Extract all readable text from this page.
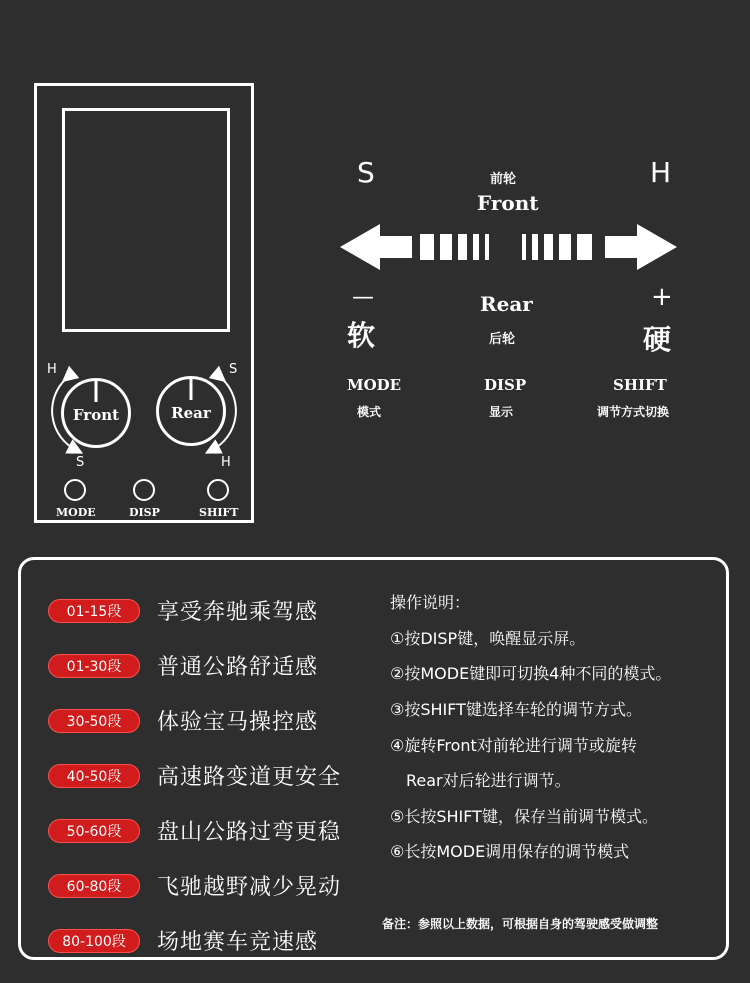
H
S
S
H
Front	Rear
MODE	DISP	SHIFT
S	H
前轮
Front
—	+
Rear
后轮
软	硬
MODE
模式
DISP
显示
SHIFT
调节方式切换
01-15段	享受奔驰乘驾感
01-30段	普通公路舒适感
30-50段	体验宝马操控感
40-50段	高速路变道更安全
50-60段	盘山公路过弯更稳
60-80段	飞驰越野减少晃动
80-100段	场地赛车竞速感
操作说明：
①按DISP键，唤醒显示屏。
②按MODE键即可切换4种不同的模式。
③按SHIFT键选择车轮的调节方式。
④旋转Front对前轮进行调节或旋转
Rear对后轮进行调节。
⑤长按SHIFT键，保存当前调节模式。
⑥长按MODE调用保存的调节模式
备注：参照以上数据，可根据自身的驾驶感受做调整
